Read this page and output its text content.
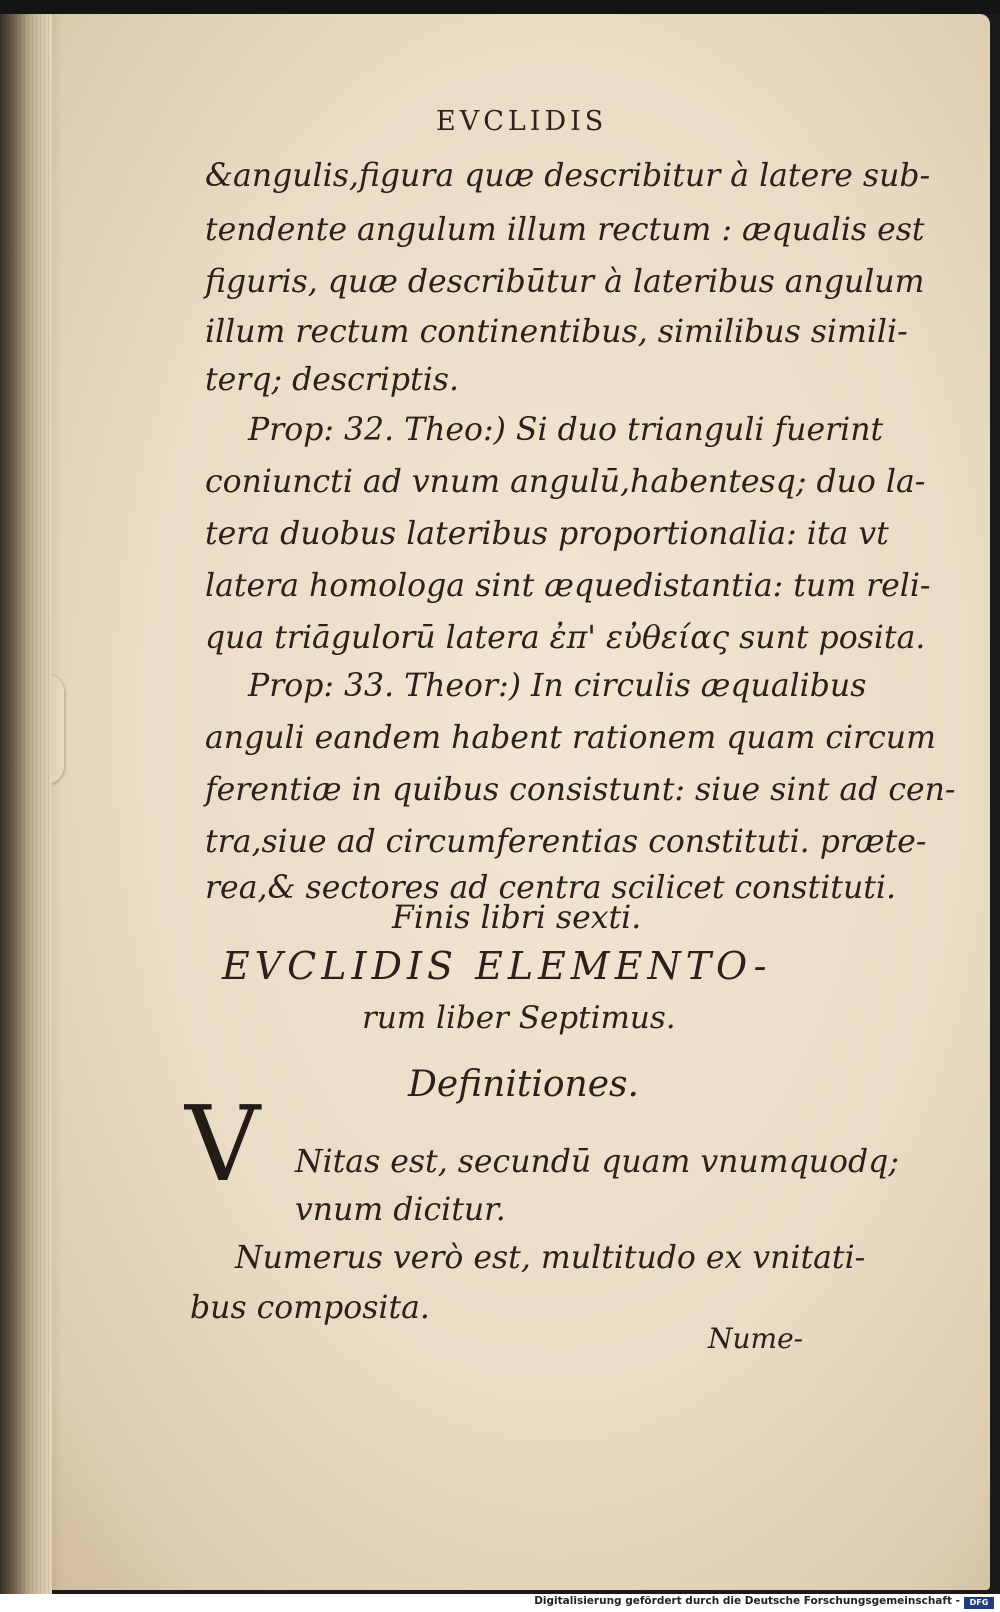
EVCLIDIS
&angulis,figura quæ describitur à latere sub-
tendente angulum illum rectum : æqualis est
figuris, quæ describūtur à lateribus angulum
illum rectum continentibus, similibus simili-
terq; descriptis.
Prop: 32. Theo:) Si duo trianguli fuerint
coniuncti ad vnum angulū,habentesq; duo la-
tera duobus lateribus proportionalia: ita vt
latera homologa sint æquedistantia: tum reli-
qua triāgulorū latera ἐπ' εὐθείας sunt posita.
Prop: 33. Theor:) In circulis æqualibus
anguli eandem habent rationem quam circum
ferentiæ in quibus consistunt: siue sint ad cen-
tra,siue ad circumferentias constituti. præte-
rea,& sectores ad centra scilicet constituti.
Finis libri sexti.
EVCLIDIS ELEMENTO-
rum liber Septimus.
Definitiones.
V Nitas est, secundū quam vnumquodq;
vnum dicitur.
Numerus verò est, multitudo ex vnitati-
bus composita.
Nume-
Digitalisierung gefördert durch die Deutsche Forschungsgemeinschaft -	DFG
